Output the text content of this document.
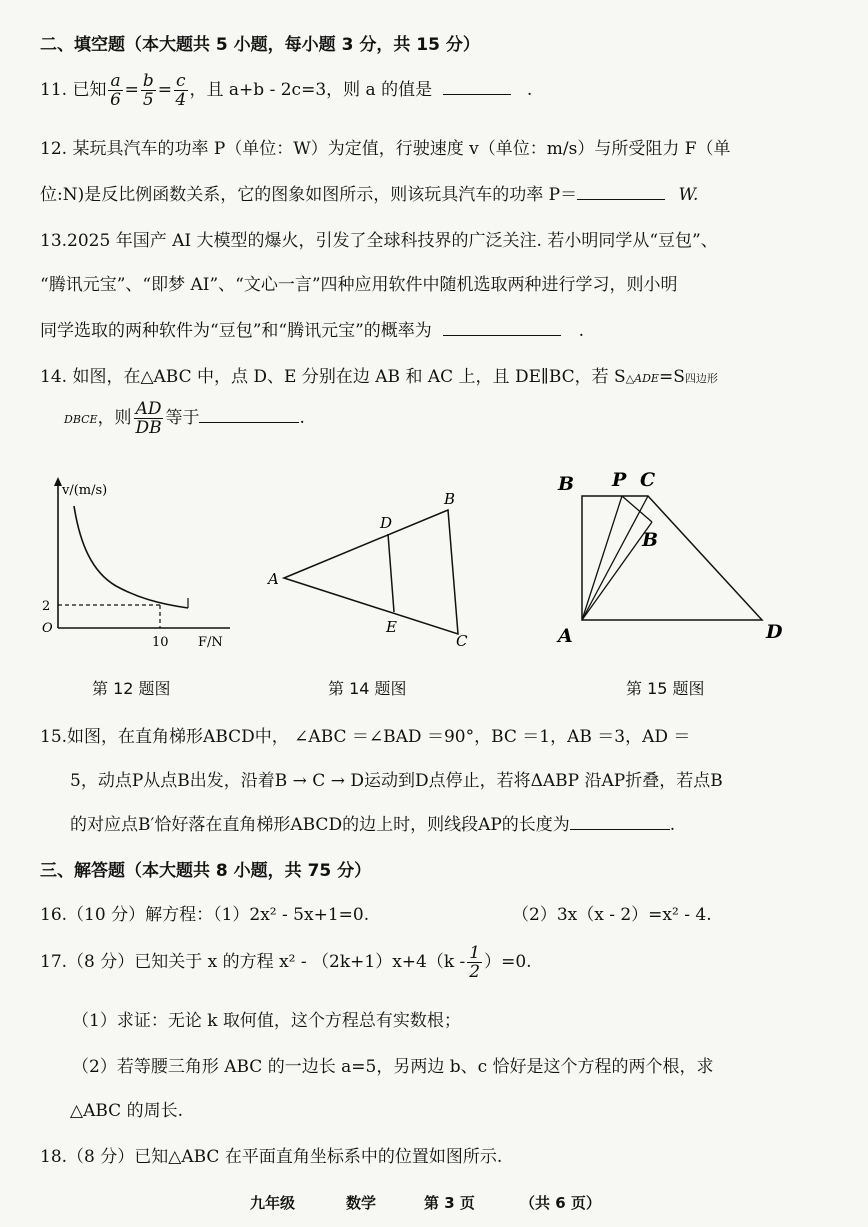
二、填空题（本大题共 5 小题，每小题 3 分，共 15 分）
11. 已知 $\frac{a}{6} = \frac{b}{5} = \frac{c}{4}$ ，且 a+b - 2c=3，则 a 的值是	.
12. 某玩具汽车的功率 P（单位：W）为定值，行驶速度 v（单位：m/s）与所受阻力 F（单
位:N)是反比例函数关系，它的图象如图所示，则该玩具汽车的功率 P＝	W.
13.2025 年国产 AI 大模型的爆火，引发了全球科技界的广泛关注. 若小明同学从“豆包”、
“腾讯元宝”、“即梦 AI”、“文心一言”四种应用软件中随机选取两种进行学习，则小明
同学选取的两种软件为“豆包”和“腾讯元宝”的概率为	.
14. 如图，在△ABC 中，点 D、E 分别在边 AB 和 AC 上，且 DE∥BC，若 S△ADE=S四边形
DBCE，则 $\frac{AD}{DB}$ 等于	.
v/(m/s)
2
O
10 F/N
A
B
C
D
E
B P C
B
A	D
第 12 题图	第 14 题图	第 15 题图
15.如图，在直角梯形ABCD中， ∠ABC ＝∠BAD ＝90°，BC ＝1，AB ＝3，AD ＝
5，动点P从点B出发，沿着B → C → D运动到D点停止，若将ΔABP 沿AP折叠，若点B
的对应点B′恰好落在直角梯形ABCD的边上时，则线段AP的长度为	.
三、解答题（本大题共 8 小题，共 75 分）
16.（10 分）解方程：（1）2x² - 5x+1=0.	（2）3x（x - 2）=x² - 4.
17.（8 分）已知关于 x 的方程 $x^2 - (2k+1)x+4(k - \frac{1}{2} )=0$.
（1）求证：无论 k 取何值，这个方程总有实数根；
（2）若等腰三角形 ABC 的一边长 a=5，另两边 b、c 恰好是这个方程的两个根，求
△ABC 的周长.
18.（8 分）已知△ABC 在平面直角坐标系中的位置如图所示.
九年级	数学	第 3 页	（共 6 页）
